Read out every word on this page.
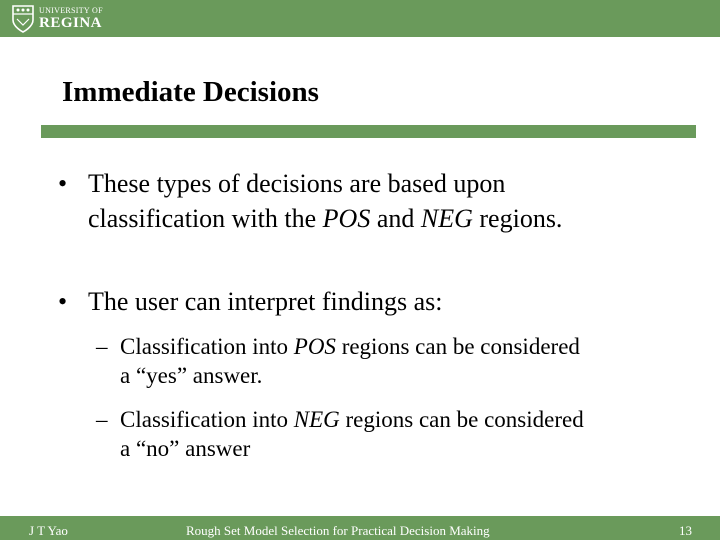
UNIVERSITY OF
REGINA
Immediate Decisions
• These types of decisions are based upon classification with the POS and NEG regions.
• The user can interpret findings as:
– Classification into POS regions can be considered a “yes” answer.
– Classification into NEG regions can be considered a “no” answer
J T Yao	Rough Set Model Selection for Practical Decision Making	13
